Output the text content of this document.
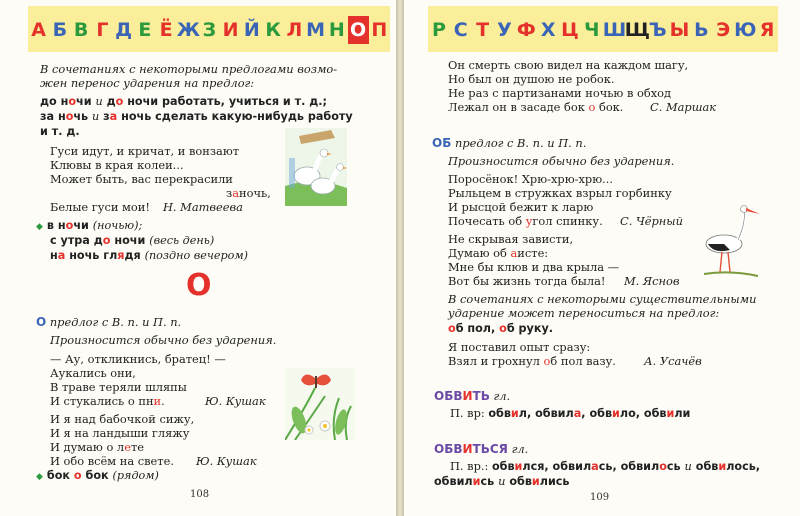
А Б В Г Д Е Ё Ж З И Й К Л М Н О П
В сочетаниях с некоторыми предлогами возмо-
жен перенос ударения на предлог:
до ночи и до ночи работать, учиться и т. д.;
за ночь и за ночь сделать какую-нибудь работу
и т. д.
Гуси идут, и кричат, и вонзают
Клювы в края колеи...
Может быть, вас перекрасили
заночь,
Белые гуси мои! Н. Матвеева
◆ в ночи (ночью);
с утра до ночи (весь день)
на ночь глядя (поздно вечером)
О
О предлог с В. п. и П. п.
Произносится обычно без ударения.
— Ау, откликнись, братец! —
Аукались они,
В траве теряли шляпы
И стукались о пни.	Ю. Кушак
И я над бабочкой сижу,
И я на ландыши гляжу
И думаю о лете
И обо всём на свете. Ю. Кушак
◆ бок о бок (рядом)
108
Р С Т У Ф Х Ц Ч Ш
Щ
Ъ Ы Ь Э Ю Я
Он смерть свою видел на каждом шагу,
Но был он душою не робок.
Не раз с партизанами ночью в обход
Лежал он в засаде бок о бок. С. Маршак
ОБ предлог с В. п. и П. п.
Произносится обычно без ударения.
Поросёнок! Хрю-хрю-хрю...
Рыльцем в стружках взрыл горбинку
И рысцой бежит к ларю
Почесать об угол спинку. С. Чёрный
Не скрывая зависти,
Думаю об аисте:
Мне бы клюв и два крыла —
Вот бы жизнь тогда была! М. Яснов
В сочетаниях с некоторыми существительными
ударение может переноситься на предлог:
об пол, об руку.
Я поставил опыт сразу:
Взял и грохнул об пол вазу. А. Усачёв
ОБВИТЬ гл.
П. вр: обвил, обвила, обвило, обвили
ОБВИТЬСЯ гл.
П. вр.: обвился, обвилась, обвилось и обвилось,
обвились и обвились
109
